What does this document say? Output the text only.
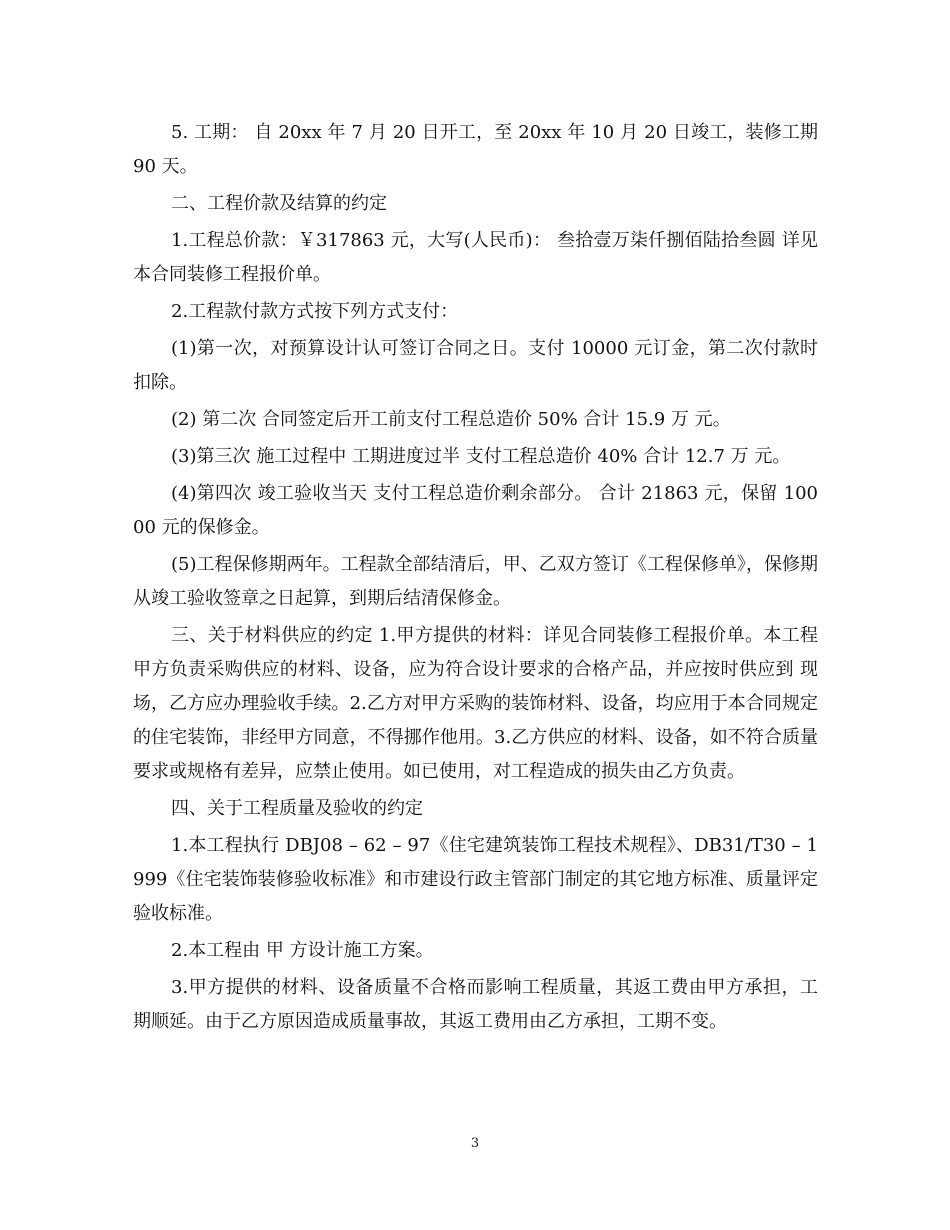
5. 工期： 自 20xx 年 7 月 20 日开工，至 20xx 年 10 月 20 日竣工，装修工期 90 天。

二、工程价款及结算的约定

1.工程总价款：￥317863 元，大写(人民币)： 叁拾壹万柒仟捌佰陆拾叁圆 详见本合同装修工程报价单。

2.工程款付款方式按下列方式支付：

(1)第一次，对预算设计认可签订合同之日。支付 10000 元订金，第二次付款时扣除。

(2) 第二次 合同签定后开工前支付工程总造价 50% 合计 15.9 万 元。

(3)第三次 施工过程中 工期进度过半 支付工程总造价 40% 合计 12.7 万 元。

(4)第四次 竣工验收当天 支付工程总造价剩余部分。 合计 21863 元，保留 10000 元的保修金。

(5)工程保修期两年。工程款全部结清后，甲、乙双方签订《工程保修单》，保修期从竣工验收签章之日起算，到期后结清保修金。

三、关于材料供应的约定 1.甲方提供的材料：详见合同装修工程报价单。本工程甲方负责采购供应的材料、设备，应为符合设计要求的合格产品，并应按时供应到 现场，乙方应办理验收手续。2.乙方对甲方采购的装饰材料、设备，均应用于本合同规定的住宅装饰，非经甲方同意，不得挪作他用。3.乙方供应的材料、设备，如不符合质量要求或规格有差异，应禁止使用。如已使用，对工程造成的损失由乙方负责。

四、关于工程质量及验收的约定

1.本工程执行 DBJ08 – 62 – 97《住宅建筑装饰工程技术规程》、DB31/T30 – 1999《住宅装饰装修验收标准》和市建设行政主管部门制定的其它地方标准、质量评定验收标准。

2.本工程由 甲 方设计施工方案。

3.甲方提供的材料、设备质量不合格而影响工程质量，其返工费由甲方承担，工期顺延。由于乙方原因造成质量事故，其返工费用由乙方承担，工期不变。

3
